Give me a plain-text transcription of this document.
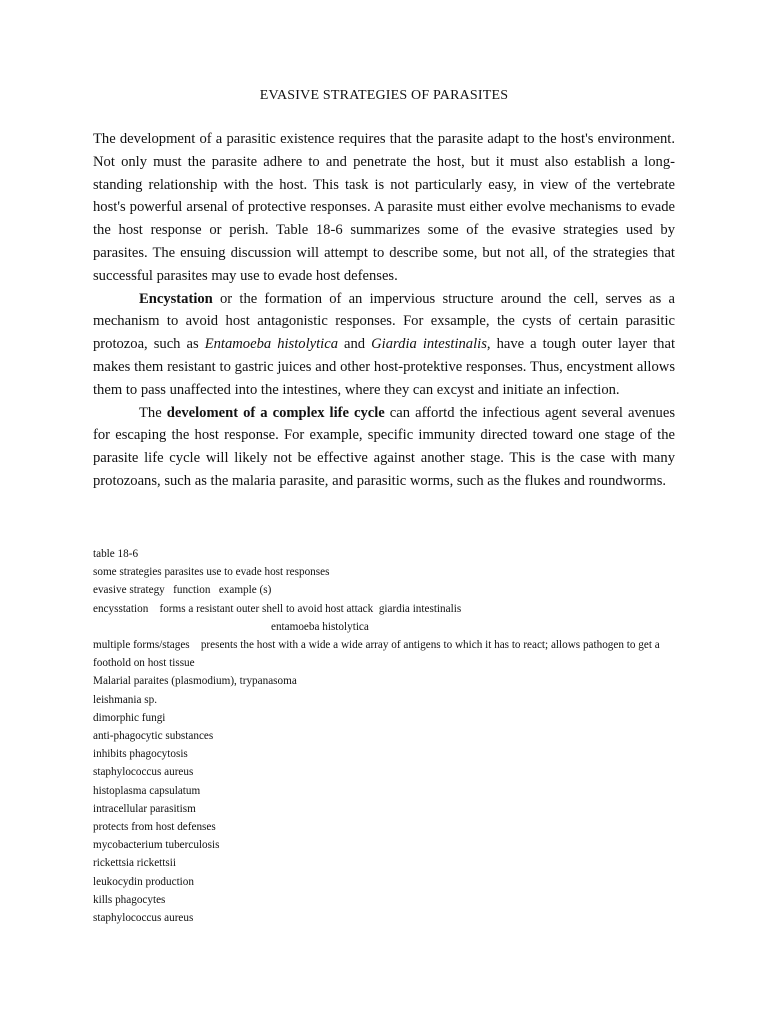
EVASIVE STRATEGIES OF PARASITES

The development of a parasitic existence requires that the parasite adapt to the host's environment. Not only must the parasite adhere to and penetrate the host, but it must also establish a long-standing relationship with the host. This task is not particularly easy, in view of the vertebrate host's powerful arsenal of protective responses. A parasite must either evolve mechanisms to evade the host response or perish. Table 18-6 summarizes some of the evasive strategies used by parasites. The ensuing discussion will attempt to describe some, but not all, of the strategies that successful parasites may use to evade host defenses.

Encystation or the formation of an impervious structure around the cell, serves as a mechanism to avoid host antagonistic responses. For exsample, the cysts of certain parasitic protozoa, such as Entamoeba histolytica and Giardia intestinalis, have a tough outer layer that makes them resistant to gastric juices and other host-protektive responses. Thus, encystment allows them to pass unaffected into the intestines, where they can excyst and initiate an infection.

The develoment of a complex life cycle can affortd the infectious agent several avenues for escaping the host response. For example, specific immunity directed toward one stage of the parasite life cycle will likely not be effective against another stage. This is the case with many protozoans, such as the malaria parasite, and parasitic worms, such as the flukes and roundworms.

table 18-6
some strategies parasites use to evade host responses
evasive strategy   function   example (s)
encysstation    forms a resistant outer shell to avoid host attack  giardia intestinalis
entamoeba histolytica
multiple forms/stages    presents the host with a wide a wide array of antigens to which it has to react; allows pathogen to get a foothold on host tissue
Malarial paraites (plasmodium), trypanasoma
leishmania sp.
dimorphic fungi
anti-phagocytic substances
inhibits phagocytosis
staphylococcus aureus
histoplasma capsulatum
intracellular parasitism
protects from host defenses
mycobacterium tuberculosis
rickettsia rickettsii
leukocydin production
kills phagocytes
staphylococcus aureus
